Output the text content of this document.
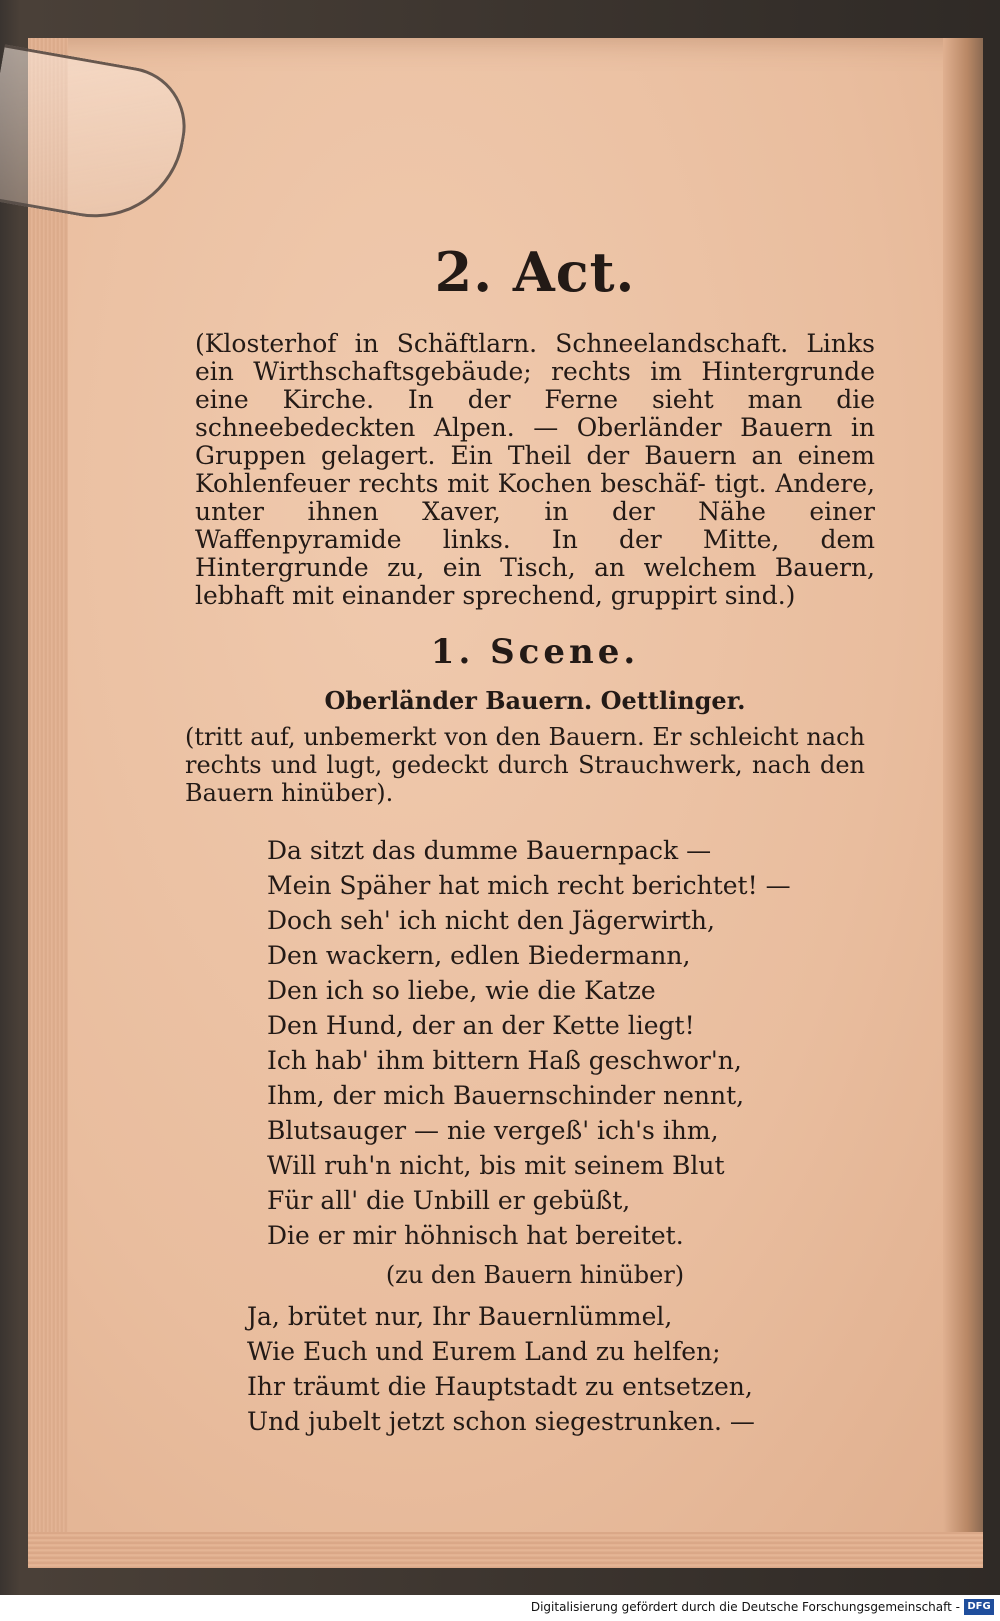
2. Act.
(Klosterhof in Schäftlarn. Schneelandschaft. Links ein Wirthschaftsgebäude; rechts im Hintergrunde eine Kirche. In der Ferne sieht man die schneebedeckten Alpen. — Oberländer Bauern in Gruppen gelagert. Ein Theil der Bauern an einem Kohlenfeuer rechts mit Kochen beschäf- tigt. Andere, unter ihnen Xaver, in der Nähe einer Waffenpyramide links. In der Mitte, dem Hintergrunde zu, ein Tisch, an welchem Bauern, lebhaft mit einander sprechend, gruppirt sind.)
1. Scene.
Oberländer Bauern. Oettlinger.
(tritt auf, unbemerkt von den Bauern. Er schleicht nach rechts und lugt, gedeckt durch Strauchwerk, nach den Bauern hinüber).
Da sitzt das dumme Bauernpack —
Mein Späher hat mich recht berichtet! —
Doch seh' ich nicht den Jägerwirth,
Den wackern, edlen Biedermann,
Den ich so liebe, wie die Katze
Den Hund, der an der Kette liegt!
Ich hab' ihm bittern Haß geschwor'n,
Ihm, der mich Bauernschinder nennt,
Blutsauger — nie vergeß' ich's ihm,
Will ruh'n nicht, bis mit seinem Blut
Für all' die Unbill er gebüßt,
Die er mir höhnisch hat bereitet.
(zu den Bauern hinüber)
Ja, brütet nur, Ihr Bauernlümmel,
Wie Euch und Eurem Land zu helfen;
Ihr träumt die Hauptstadt zu entsetzen,
Und jubelt jetzt schon siegestrunken. —
Digitalisierung gefördert durch die Deutsche Forschungsgemeinschaft - DFG
